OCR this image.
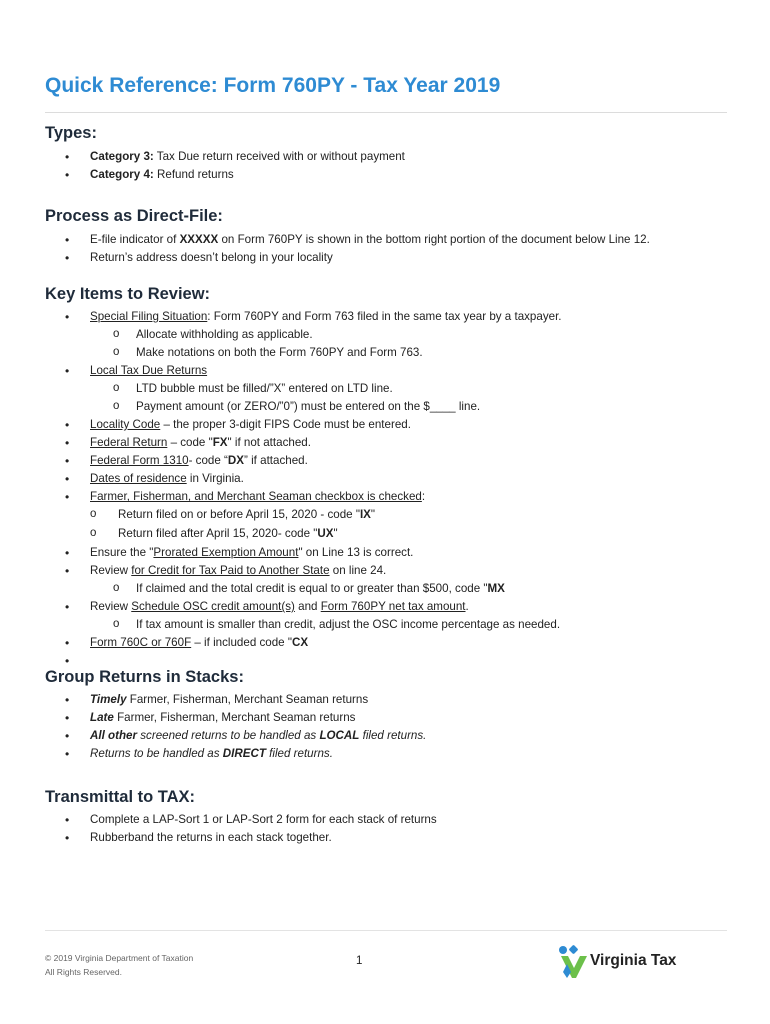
Quick Reference: Form 760PY - Tax Year 2019
Types:
• Category 3: Tax Due return received with or without payment
• Category 4: Refund returns
Process as Direct-File:
• E-file indicator of XXXXX on Form 760PY is shown in the bottom right portion of the document below Line 12.
• Return’s address doesn’t belong in your locality
Key Items to Review:
• Special Filing Situation: Form 760PY and Form 763 filed in the same tax year by a taxpayer.
o Allocate withholding as applicable.
o Make notations on both the Form 760PY and Form 763.
• Local Tax Due Returns
o LTD bubble must be filled/”X” entered on LTD line.
o Payment amount (or ZERO/”0”) must be entered on the $____ line.
• Locality Code – the proper 3-digit FIPS Code must be entered.
• Federal Return – code "FX" if not attached.
• Federal Form 1310- code “DX” if attached.
• Dates of residence in Virginia.
• Farmer, Fisherman, and Merchant Seaman checkbox is checked:
o Return filed on or before April 15, 2020 - code "IX"
o Return filed after April 15, 2020- code "UX"
• Ensure the "Prorated Exemption Amount" on Line 13 is correct.
• Review for Credit for Tax Paid to Another State on line 24.
o If claimed and the total credit is equal to or greater than $500, code "MX
• Review Schedule OSC credit amount(s) and Form 760PY net tax amount.
o If tax amount is smaller than credit, adjust the OSC income percentage as needed.
• Form 760C or 760F – if included code "CX
•
Group Returns in Stacks:
• Timely Farmer, Fisherman, Merchant Seaman returns
• Late Farmer, Fisherman, Merchant Seaman returns
• All other screened returns to be handled as LOCAL filed returns.
• Returns to be handled as DIRECT filed returns.
Transmittal to TAX:
• Complete a LAP-Sort 1 or LAP-Sort 2 form for each stack of returns
• Rubberband the returns in each stack together.
© 2019 Virginia Department of Taxation
All Rights Reserved.
1	Virginia Tax
